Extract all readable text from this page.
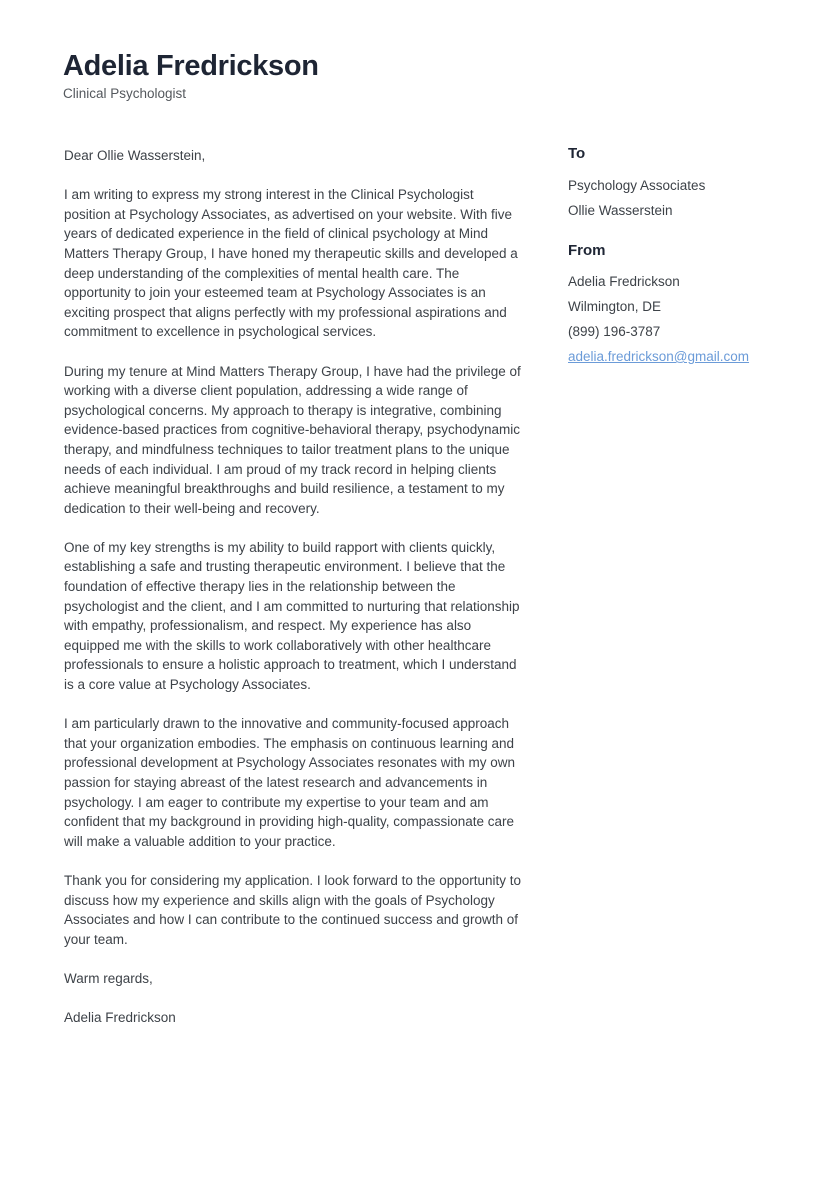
Adelia Fredrickson
Clinical Psychologist

Dear Ollie Wasserstein,

I am writing to express my strong interest in the Clinical Psychologist position at Psychology Associates, as advertised on your website. With five years of dedicated experience in the field of clinical psychology at Mind Matters Therapy Group, I have honed my therapeutic skills and developed a deep understanding of the complexities of mental health care. The opportunity to join your esteemed team at Psychology Associates is an exciting prospect that aligns perfectly with my professional aspirations and commitment to excellence in psychological services.

During my tenure at Mind Matters Therapy Group, I have had the privilege of working with a diverse client population, addressing a wide range of psychological concerns. My approach to therapy is integrative, combining evidence-based practices from cognitive-behavioral therapy, psychodynamic therapy, and mindfulness techniques to tailor treatment plans to the unique needs of each individual. I am proud of my track record in helping clients achieve meaningful breakthroughs and build resilience, a testament to my dedication to their well-being and recovery.

One of my key strengths is my ability to build rapport with clients quickly, establishing a safe and trusting therapeutic environment. I believe that the foundation of effective therapy lies in the relationship between the psychologist and the client, and I am committed to nurturing that relationship with empathy, professionalism, and respect. My experience has also equipped me with the skills to work collaboratively with other healthcare professionals to ensure a holistic approach to treatment, which I understand is a core value at Psychology Associates.

I am particularly drawn to the innovative and community-focused approach that your organization embodies. The emphasis on continuous learning and professional development at Psychology Associates resonates with my own passion for staying abreast of the latest research and advancements in psychology. I am eager to contribute my expertise to your team and am confident that my background in providing high-quality, compassionate care will make a valuable addition to your practice.

Thank you for considering my application. I look forward to the opportunity to discuss how my experience and skills align with the goals of Psychology Associates and how I can contribute to the continued success and growth of your team.

Warm regards,

Adelia Fredrickson

To
Psychology Associates
Ollie Wasserstein
From
Adelia Fredrickson
Wilmington, DE
(899) 196-3787
adelia.fredrickson@gmail.com
